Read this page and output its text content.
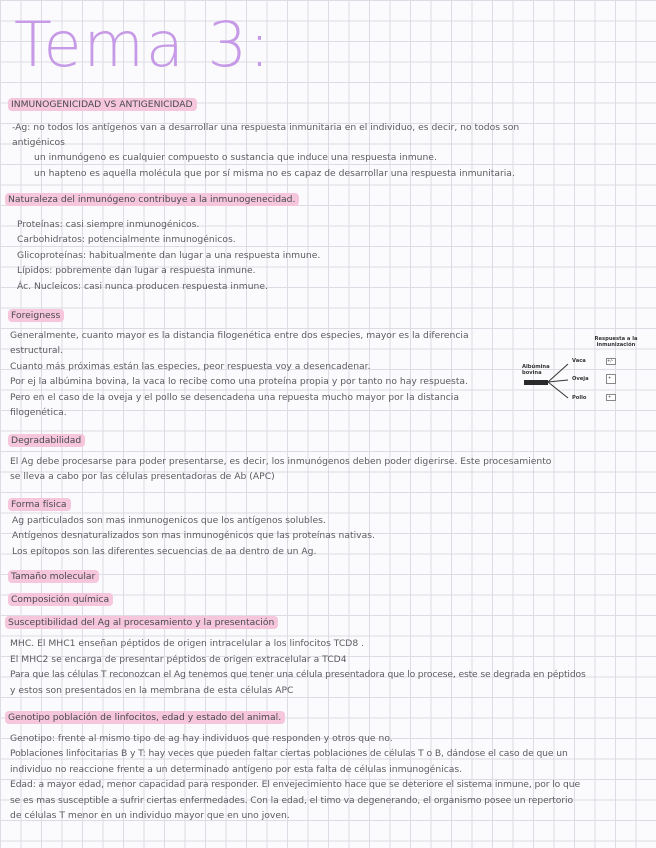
Tema 3:
INMUNOGENICIDAD VS ANTIGENICIDAD
-Ag: no todos los antígenos van a desarrollar una respuesta inmunitaria en el individuo, es decir, no todos son
antigénicos
un inmunógeno es cualquier compuesto o sustancia que induce una respuesta inmune.
un hapteno es aquella molécula que por sí misma no es capaz de desarrollar una respuesta inmunitaria.
Naturaleza del inmunógeno contribuye a la inmunogenecidad.
Proteínas: casi siempre inmunogénicos.
Carbohidratos: potencialmente inmunogénicos.
Glicoproteínas: habitualmente dan lugar a una respuesta inmune.
Lípidos: pobremente dan lugar a respuesta inmune.
Ác. Nucleicos: casi nunca producen respuesta inmune.
Foreigness
Generalmente, cuanto mayor es la distancia filogenética entre dos especies, mayor es la diferencia
estructural.
Cuanto más próximas están las especies, peor respuesta voy a desencadenar.
Por ej la albúmina bovina, la vaca lo recibe como una proteína propia y por tanto no hay respuesta.
Pero en el caso de la oveja y el pollo se desencadena una repuesta mucho mayor por la distancia
filogenética.
Respuesta a la inmunización
Albúmina bovina
Vaca
Oveja
Pollo
+/-
+
+
Degradabilidad
El Ag debe procesarse para poder presentarse, es decir, los inmunógenos deben poder digerirse. Este procesamiento
se lleva a cabo por las células presentadoras de Ab (APC)
Forma física
Ag particulados son mas inmunogenicos que los antígenos solubles.
Antígenos desnaturalizados son mas inmunogénicos que las proteínas nativas.
Los epítopos son las diferentes secuencias de aa dentro de un Ag.
Tamaño molecular
Composición química
Susceptibilidad del Ag al procesamiento y la presentación
MHC. El MHC1 enseñan péptidos de origen intracelular a los linfocitos TCD8 .
El MHC2 se encarga de presentar péptidos de origen extracelular a TCD4
Para que las células T reconozcan el Ag tenemos que tener una célula presentadora que lo procese, este se degrada en péptidos
y estos son presentados en la membrana de esta células APC
Genotipo población de linfocitos, edad y estado del animal.
Genotipo: frente al mismo tipo de ag hay individuos que responden y otros que no.
Poblaciones linfocitarias B y T: hay veces que pueden faltar ciertas poblaciones de células T o B, dándose el caso de que un
individuo no reaccione frente a un determinado antígeno por esta falta de células inmunogénicas.
Edad: a mayor edad, menor capacidad para responder. El envejecimiento hace que se deteriore el sistema inmune, por lo que
se es mas susceptible a sufrir ciertas enfermedades. Con la edad, el timo va degenerando, el organismo posee un repertorio
de células T menor en un individuo mayor que en uno joven.
